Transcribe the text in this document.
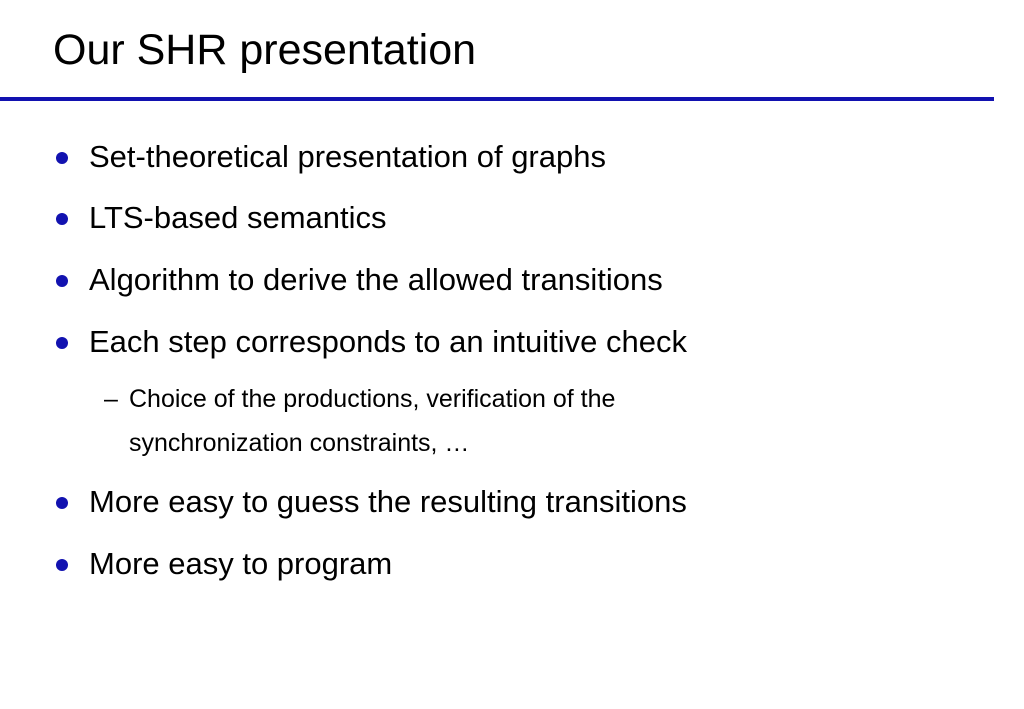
Our SHR presentation
Set-theoretical presentation of graphs
LTS-based semantics
Algorithm to derive the allowed transitions
Each step corresponds to an intuitive check
– Choice of the productions, verification of the
synchronization constraints, …
More easy to guess the resulting transitions
More easy to program
